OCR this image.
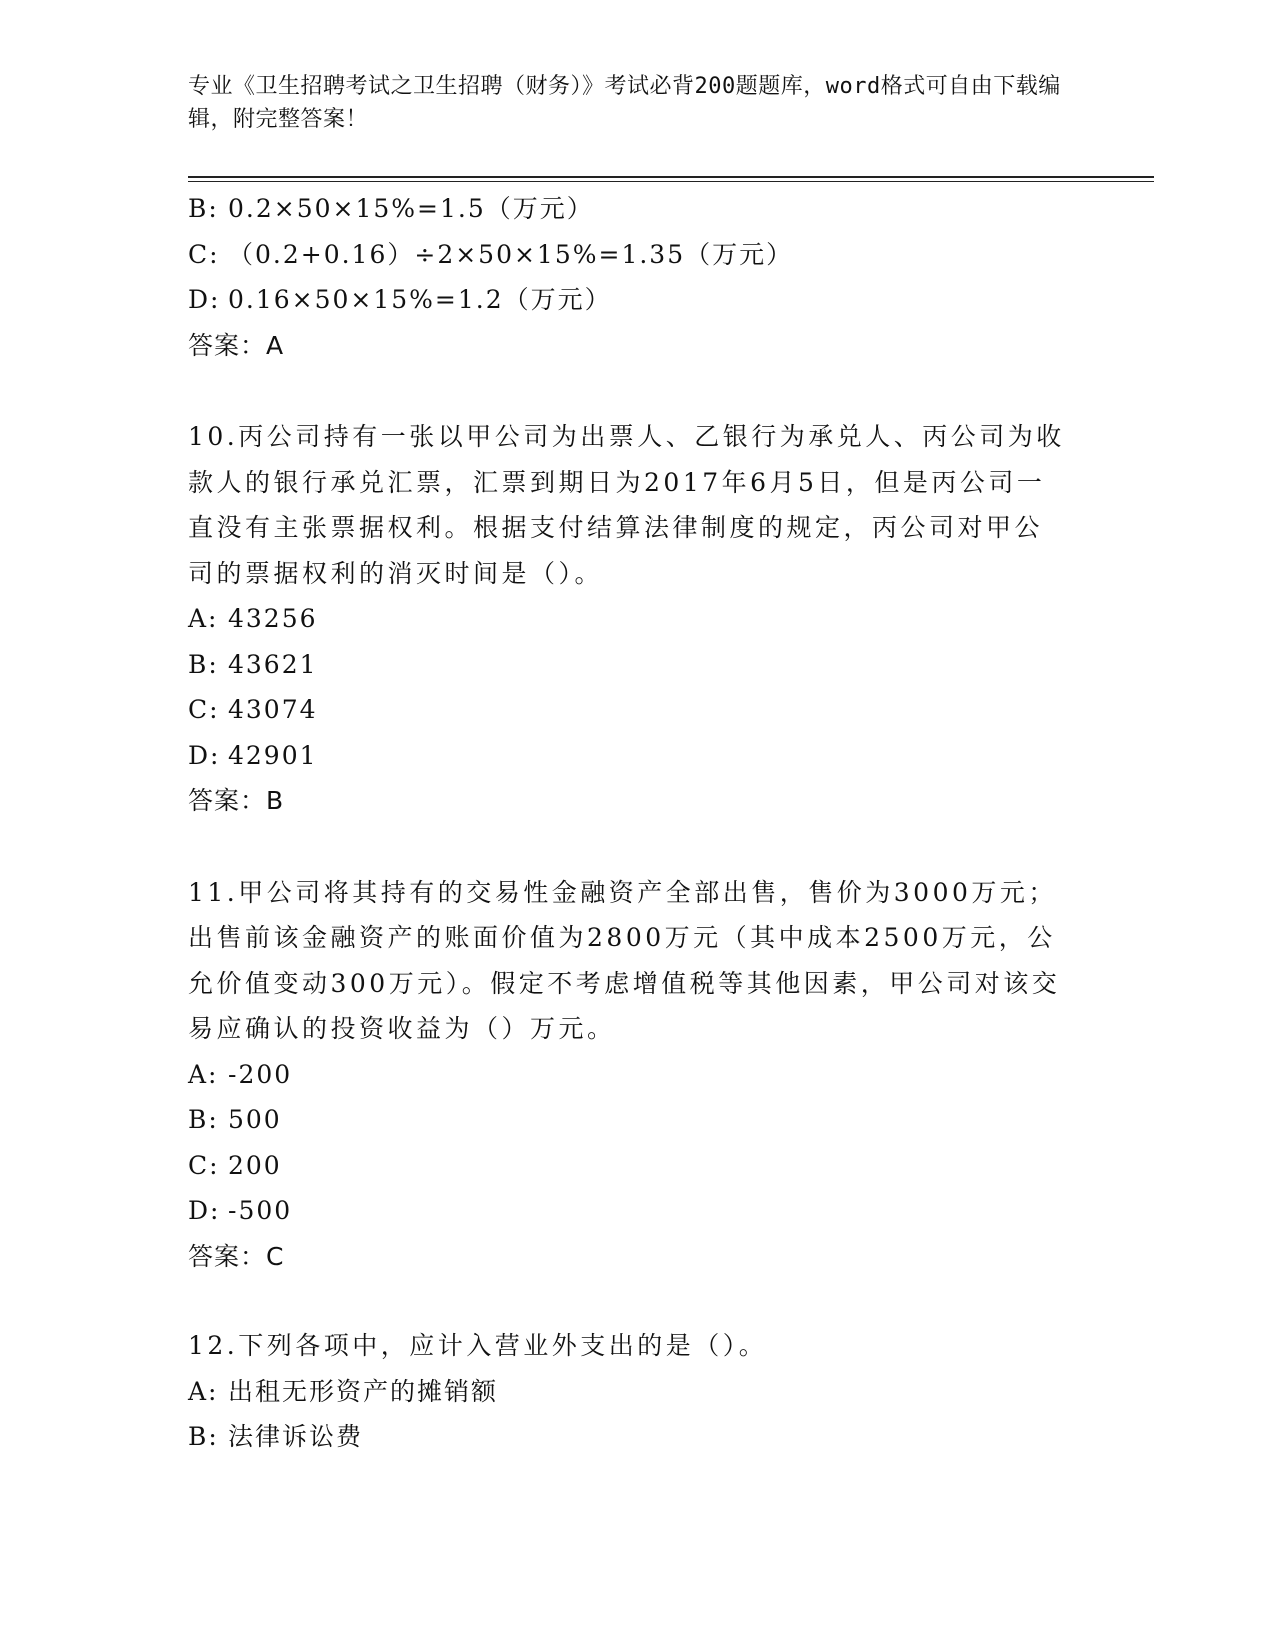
专业《卫生招聘考试之卫生招聘（财务）》考试必背200题题库，word格式可自由下载编辑，附完整答案！
B: 0.2×50×15%=1.5（万元）
C: （0.2+0.16）÷2×50×15%=1.35（万元）
D: 0.16×50×15%=1.2（万元）
答案：A
10.丙公司持有一张以甲公司为出票人、乙银行为承兑人、丙公司为收款人的银行承兑汇票，汇票到期日为2017年6月5日，但是丙公司一直没有主张票据权利。根据支付结算法律制度的规定，丙公司对甲公司的票据权利的消灭时间是（）。
A: 43256
B: 43621
C: 43074
D: 42901
答案：B
11.甲公司将其持有的交易性金融资产全部出售，售价为3000万元；出售前该金融资产的账面价值为2800万元（其中成本2500万元，公允价值变动300万元）。假定不考虑增值税等其他因素，甲公司对该交易应确认的投资收益为（）万元。
A: -200
B: 500
C: 200
D: -500
答案：C
12.下列各项中，应计入营业外支出的是（）。
A: 出租无形资产的摊销额
B: 法律诉讼费
